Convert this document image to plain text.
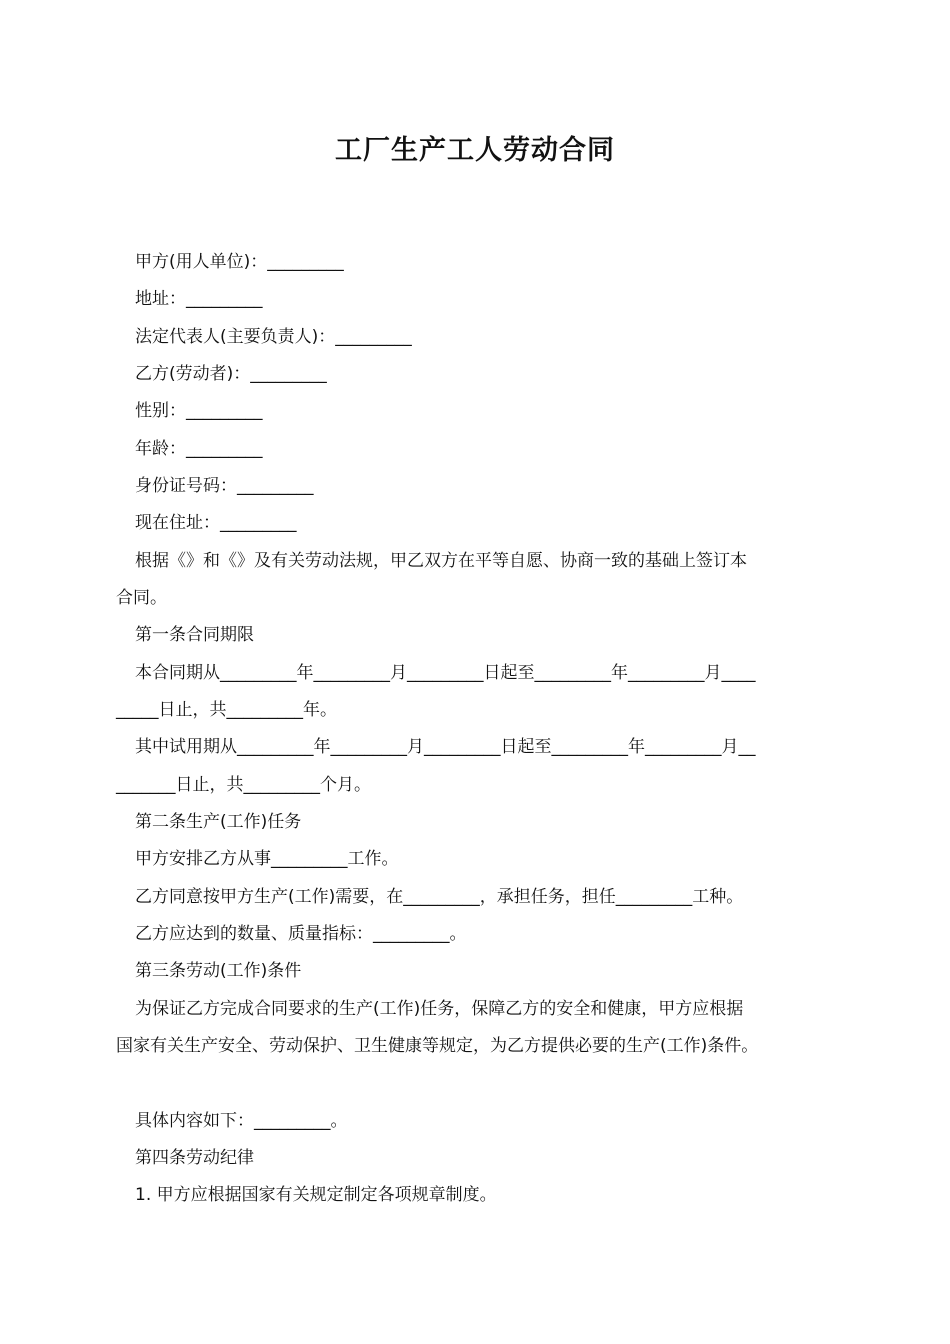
工厂生产工人劳动合同
甲方(用人单位)：_________
地址：_________
法定代表人(主要负责人)：_________
乙方(劳动者)：_________
性别：_________
年龄：_________
身份证号码：_________
现在住址：_________
根据《》和《》及有关劳动法规，甲乙双方在平等自愿、协商一致的基础上签订本
合同。
第一条合同期限
本合同期从_________年_________月_________日起至_________年_________月____
_____日止，共_________年。
其中试用期从_________年_________月_________日起至_________年_________月__
_______日止，共_________个月。
第二条生产(工作)任务
甲方安排乙方从事_________工作。
乙方同意按甲方生产(工作)需要，在_________，承担任务，担任_________工种。
乙方应达到的数量、质量指标：_________。
第三条劳动(工作)条件
为保证乙方完成合同要求的生产(工作)任务，保障乙方的安全和健康，甲方应根据
国家有关生产安全、劳动保护、卫生健康等规定，为乙方提供必要的生产(工作)条件。
具体内容如下：_________。
第四条劳动纪律
1. 甲方应根据国家有关规定制定各项规章制度。
